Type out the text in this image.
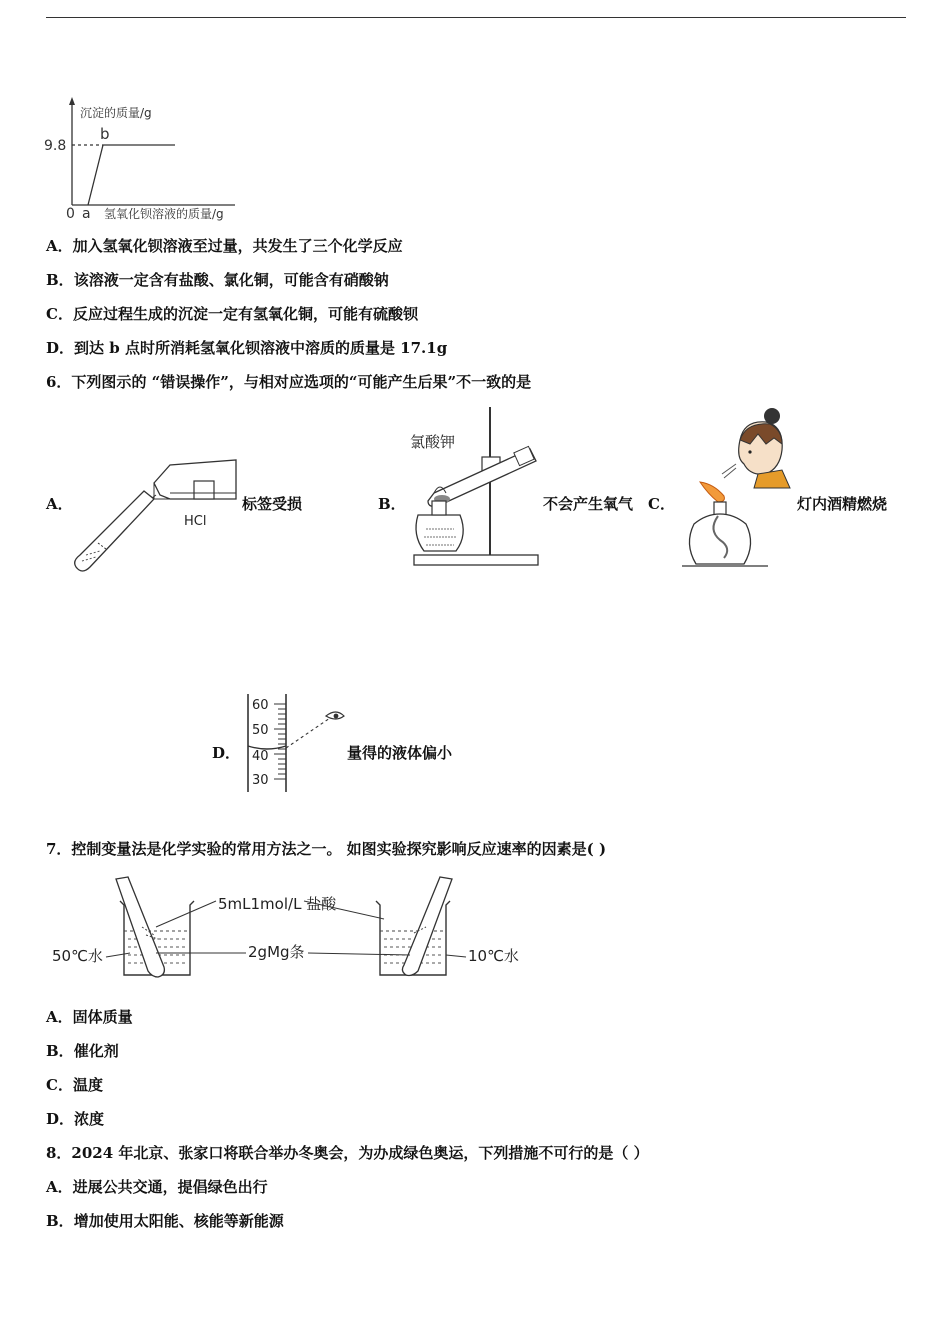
沉淀的质量/g
9.8
b
0 a 氢氧化钡溶液的质量/g
A．加入氢氧化钡溶液至过量，共发生了三个化学反应
B．该溶液一定含有盐酸、氯化铜，可能含有硝酸钠
C．反应过程生成的沉淀一定有氢氧化铜，可能有硫酸钡
D．到达 b 点时所消耗氢氧化钡溶液中溶质的质量是 17.1g
6．下列图示的 “错误操作”，与相对应选项的“可能产生后果”不一致的是
A．
HCl
标签受损	B．
氯酸钾
不会产生氧气 C．	灯内酒精燃烧
D．
60
50
40
30
量得的液体偏小
7．控制变量法是化学实验的常用方法之一。 如图实验探究影响反应速率的因素是( )
5mL1mol/L 盐酸
2gMg条
50℃水	10℃水
A．固体质量
B．催化剂
C．温度
D．浓度
8．2024 年北京、张家口将联合举办冬奥会，为办成绿色奥运，下列措施不可行的是（ ）
A．进展公共交通，提倡绿色出行
B．增加使用太阳能、核能等新能源
